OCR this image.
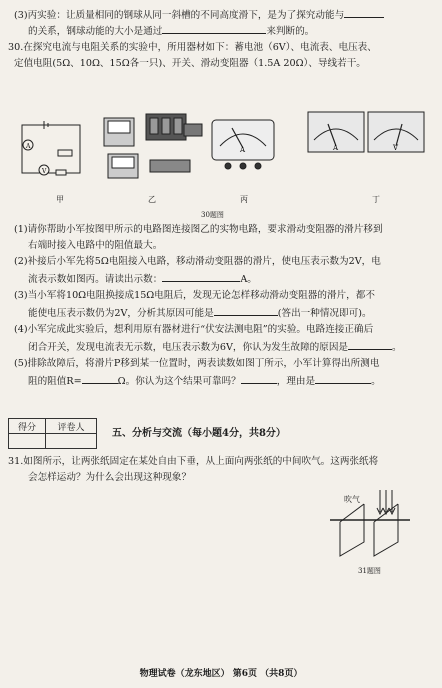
(3)丙实验：让质量相同的钢球从同一斜槽的不同高度滑下，是为了探究动能与
的关系，钢球动能的大小是通过	来判断的。
30.在探究电流与电阻关系的实验中，所用器材如下：蓄电池（6V）、电流表、电压表、
定值电阻(5Ω、10Ω、15Ω各一只)、开关、滑动变阻器（1.5A 20Ω）、导线若干。
A
V
A	A	V
甲	乙	丙	丁
30题图
(1)请你帮助小军按图甲所示的电路图连接图乙的实物电路，要求滑动变阻器的滑片移到
右端时接入电路中的阻值最大。
(2)补接后小军先将5Ω电阻接入电路，移动滑动变阻器的滑片，使电压表示数为2V，电
流表示数如图丙。请读出示数：	A。
(3)当小军将10Ω电阻换接成15Ω电阻后，发现无论怎样移动滑动变阻器的滑片，都不
能使电压表示数仍为2V，分析其原因可能是	(答出一种情况即可)。
(4)小军完成此实验后，想利用原有器材进行“伏安法测电阻”的实验。电路连接正确后
闭合开关，发现电流表无示数，电压表示数为6V，你认为发生故障的原因是	。
(5)排除故障后，将滑片P移到某一位置时，两表读数如图丁所示，小军计算得出所测电
阻的阻值R=	Ω。你认为这个结果可靠吗？	，理由是	。
得分	评卷人

五、分析与交流（每小题4分，共8分）
31.如图所示，让两张纸固定在某处自由下垂，从上面向两张纸的中间吹气。这两张纸将
会怎样运动？为什么会出现这种现象？
吹气
31题图
物理试卷（龙东地区） 第6页 （共8页）
